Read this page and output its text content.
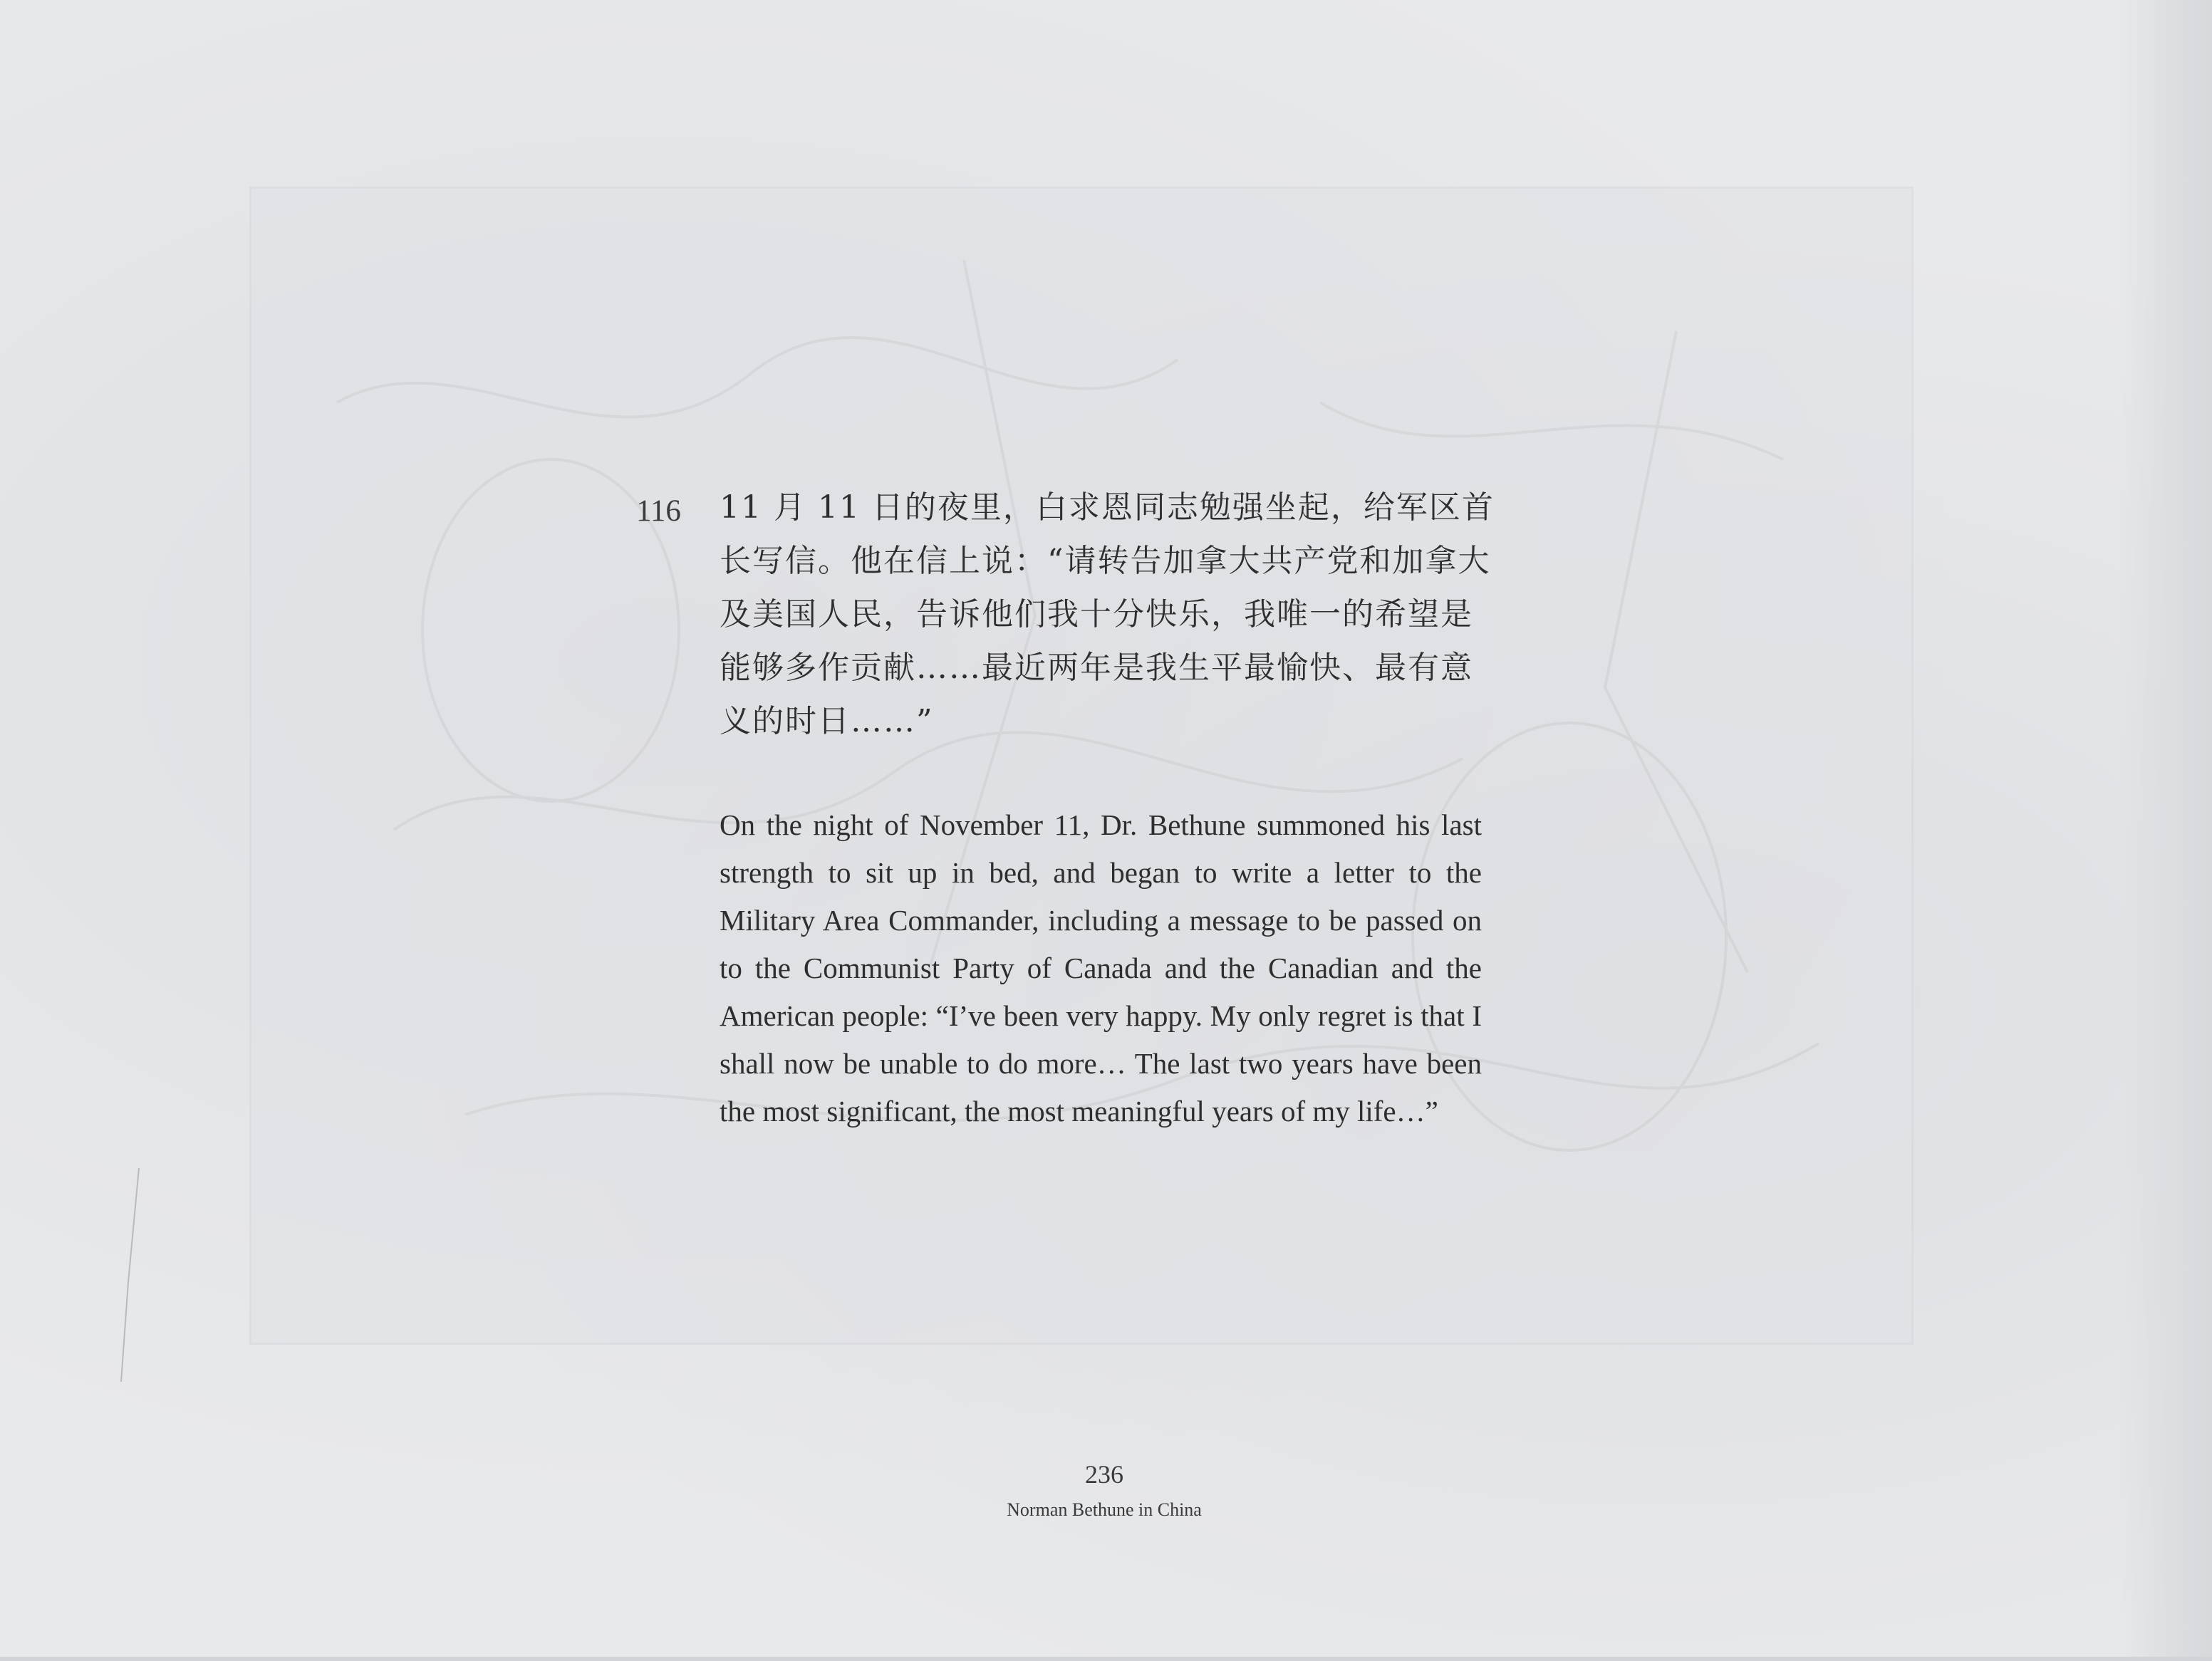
116 11 月 11 日的夜里，白求恩同志勉强坐起，给军区首长写信。他在信上说：“请转告加拿大共产党和加拿大及美国人民，告诉他们我十分快乐，我唯一的希望是能够多作贡献……最近两年是我生平最愉快、最有意义的时日……”

On the night of November 11, Dr. Bethune summoned his last strength to sit up in bed, and began to write a letter to the Military Area Commander, including a message to be passed on to the Communist Party of Canada and the Canadian and the American people: “I’ve been very happy. My only regret is that I shall now be unable to do more… The last two years have been the most significant, the most meaningful years of my life…”

236

Norman Bethune in China
